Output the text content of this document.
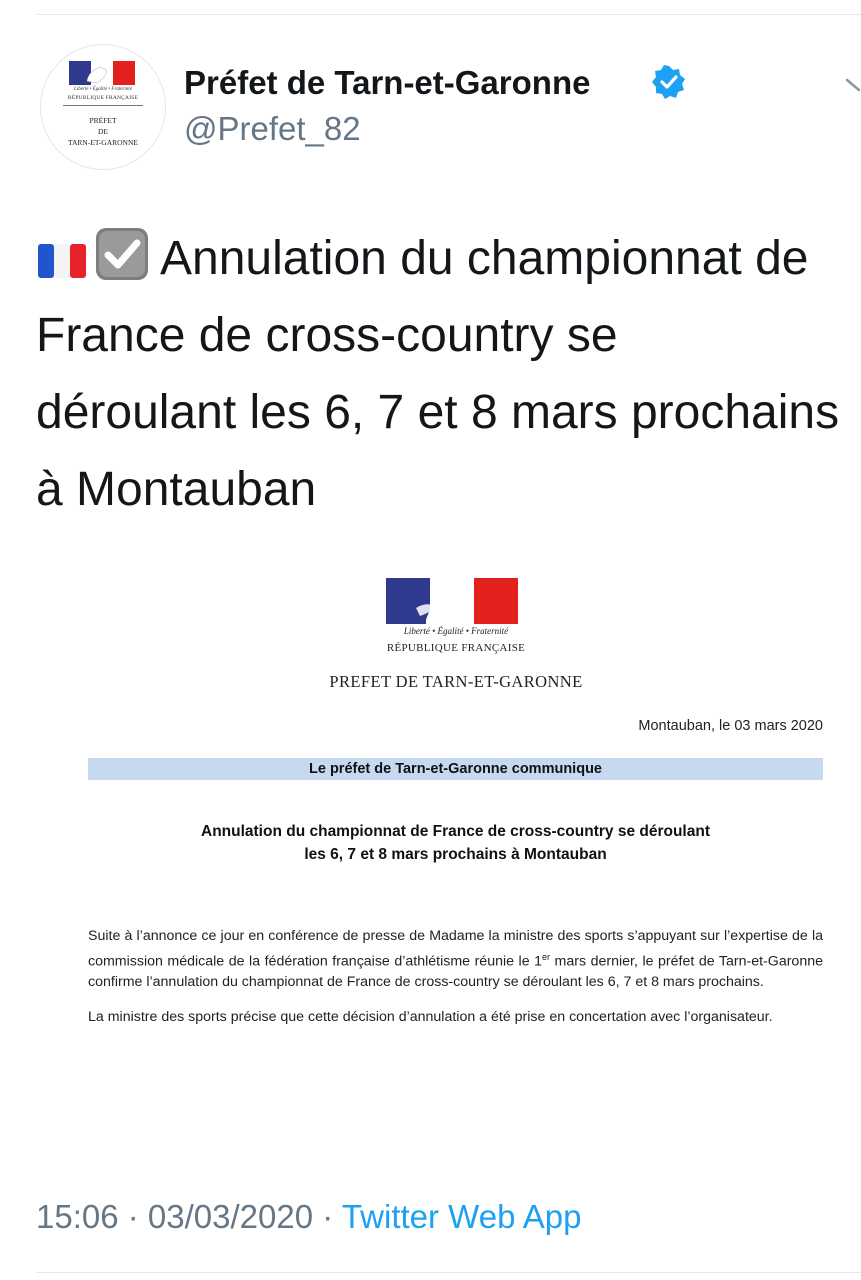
Liberté • Égalité • Fraternité
RÉPUBLIQUE FRANÇAISE
PRÉFET
DE
TARN-ET-GARONNE
Préfet de Tarn-et-Garonne
@Prefet_82
Annulation du championnat de
France de cross-country se
déroulant les 6, 7 et 8 mars prochains
à Montauban
Liberté • Égalité • Fraternité
RÉPUBLIQUE FRANÇAISE
PREFET DE TARN-ET-GARONNE
Montauban, le 03 mars 2020
Le préfet de Tarn-et-Garonne communique
Annulation du championnat de France de cross-country se déroulant
les 6, 7 et 8 mars prochains à Montauban

Suite à l’annonce ce jour en conférence de presse de Madame la ministre des sports s’appuyant sur l’expertise de la commission médicale de la fédération française d’athlétisme réunie le 1er mars dernier, le préfet de Tarn-et-Garonne confirme l’annulation du championnat de France de cross-country se déroulant les 6, 7 et 8 mars prochains.

La ministre des sports précise que cette décision d’annulation a été prise en concertation avec l’organisateur.

15:06 · 03/03/2020 · Twitter Web App
